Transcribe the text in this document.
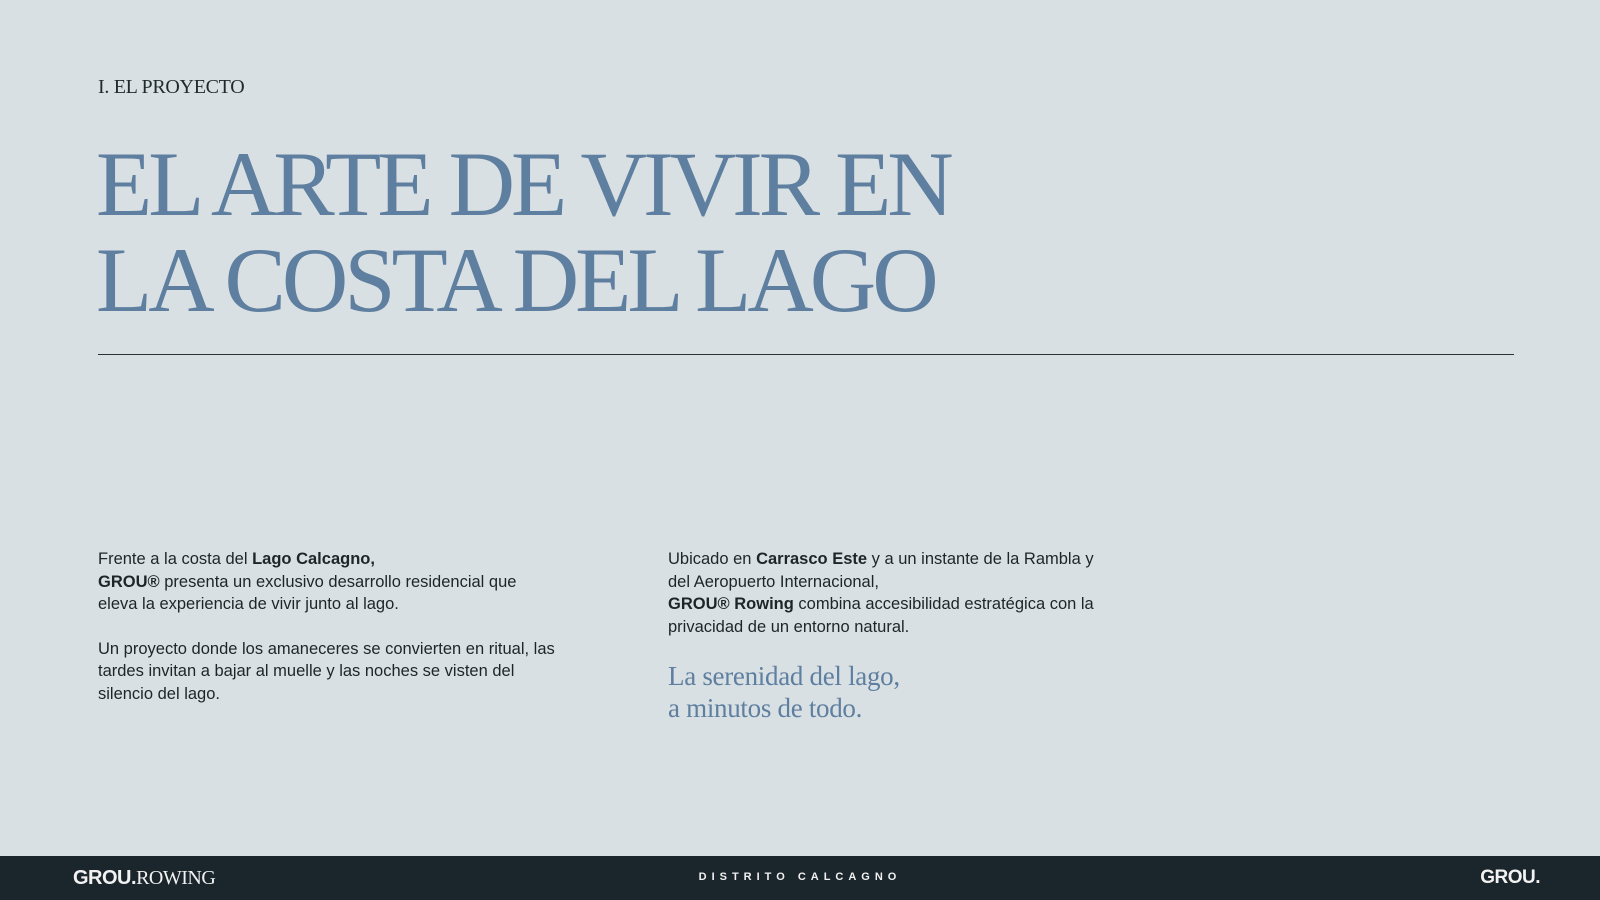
I. EL PROYECTO
EL ARTE DE VIVIR EN
LA COSTA DEL LAGO

Frente a la costa del Lago Calcagno,
GROU® presenta un exclusivo desarrollo residencial que eleva la experiencia de vivir junto al lago.

Un proyecto donde los amaneceres se convierten en ritual, las tardes invitan a bajar al muelle y las noches se visten del silencio del lago.

Ubicado en Carrasco Este y a un instante de la Rambla y del Aeropuerto Internacional,
GROU® Rowing combina accesibilidad estratégica con la privacidad de un entorno natural.

La serenidad del lago,
a minutos de todo.
GROU.ROWING	DISTRITO CALCAGNO	GROU.
